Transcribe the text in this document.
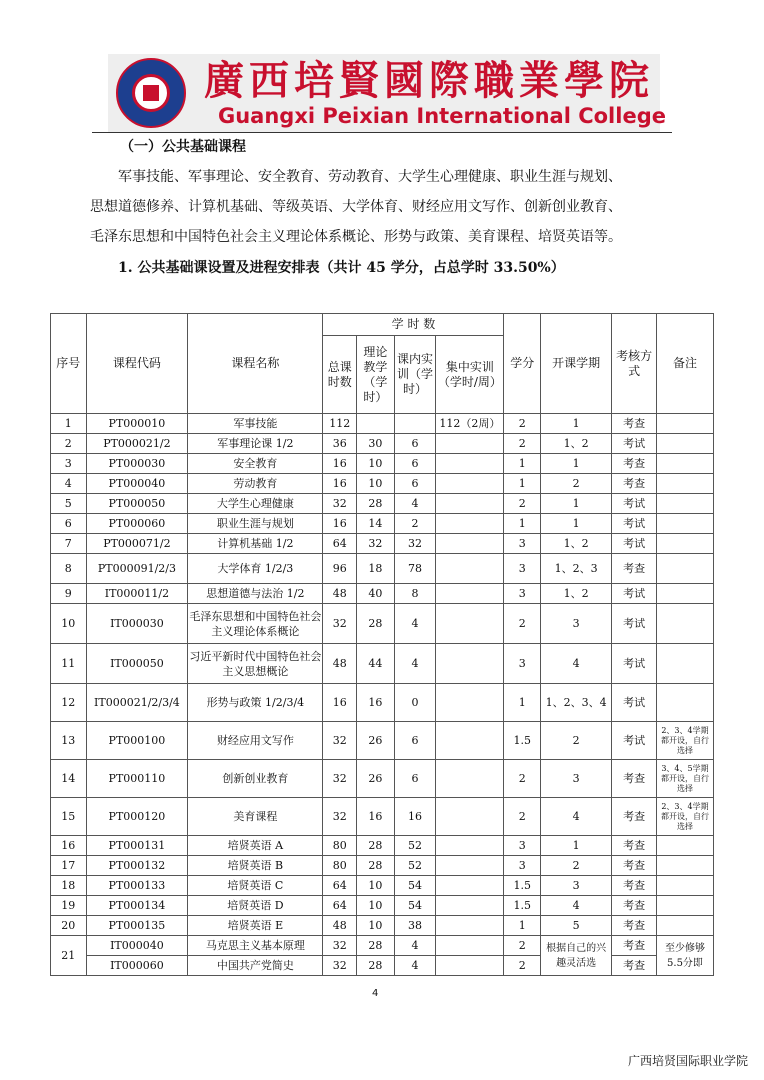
廣西培賢國際職業學院
Guangxi Peixian International College
（一）公共基础课程
军事技能、军事理论、安全教育、劳动教育、大学生心理健康、职业生涯与规划、
思想道德修养、计算机基础、等级英语、大学体育、财经应用文写作、创新创业教育、
毛泽东思想和中国特色社会主义理论体系概论、形势与政策、美育课程、培贤英语等。
1. 公共基础课设置及进程安排表（共计 45 学分，占总学时 33.50%）
序号	课程代码	课程名称	学 时 数				学分	开课学期	考核方式	备注
			总课时数	理论教学（学时）	课内实训（学时）	集中实训（学时/周）				
1	PT000010	军事技能	112			112（2周）	2	1	考查	
2	PT000021/2	军事理论课 1/2	36	30	6		2	1、2	考试	
3	PT000030	安全教育	16	10	6		1	1	考查	
4	PT000040	劳动教育	16	10	6		1	2	考查	
5	PT000050	大学生心理健康	32	28	4		2	1	考试	
6	PT000060	职业生涯与规划	16	14	2		1	1	考试	
7	PT000071/2	计算机基础 1/2	64	32	32		3	1、2	考试	
8	PT000091/2/3	大学体育 1/2/3	96	18	78		3	1、2、3	考查	
9	IT000011/2	思想道德与法治 1/2	48	40	8		3	1、2	考试	
10	IT000030	毛泽东思想和中国特色社会主义理论体系概论	32	28	4		2	3	考试	
11	IT000050	习近平新时代中国特色社会主义思想概论	48	44	4		3	4	考试	
12	IT000021/2/3/4	形势与政策 1/2/3/4	16	16	0		1	1、2、3、4	考试	
13	PT000100	财经应用文写作	32	26	6		1.5	2	考试	2、3、4学期都开设，自行选择
14	PT000110	创新创业教育	32	26	6		2	3	考查	3、4、5学期都开设，自行选择
15	PT000120	美育课程	32	16	16		2	4	考查	2、3、4学期都开设，自行选择
16	PT000131	培贤英语 A	80	28	52		3	1	考查	
17	PT000132	培贤英语 B	80	28	52		3	2	考查	
18	PT000133	培贤英语 C	64	10	54		1.5	3	考查	
19	PT000134	培贤英语 D	64	10	54		1.5	4	考查	
20	PT000135	培贤英语 E	48	10	38		1	5	考查	
21	IT000040	马克思主义基本原理	32	28	4		2	根据自己的兴趣灵活选	考查	至少修够5.5分即
	IT000060	中国共产党简史	32	28	4		2		考查	
4
广西培贤国际职业学院
